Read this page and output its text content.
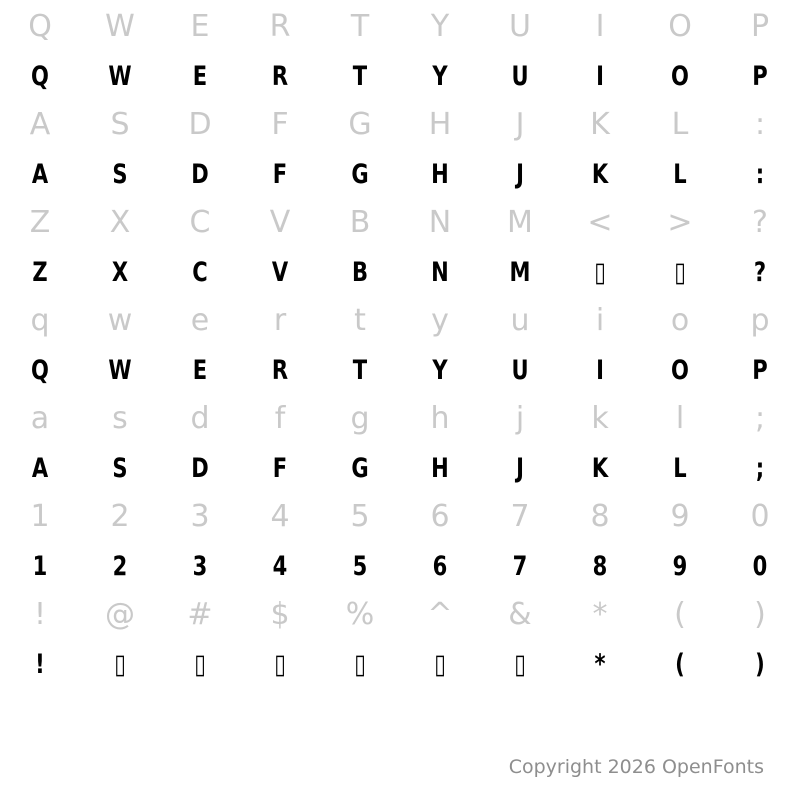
Q	W	E	R	T	Y	U	I	O	P
Q	W	E	R	T	Y	U	I	O	P
A	S	D	F	G	H	J	K	L	:
A	S	D	F	G	H	J	K	L	:
Z	X	C	V	B	N	M	<	>	?
Z	X	C	V	B	N	M	▯	▯	?
q	w	e	r	t	y	u	i	o	p
Q	W	E	R	T	Y	U	I	O	P
a	s	d	f	g	h	j	k	l	;
A	S	D	F	G	H	J	K	L	;
1	2	3	4	5	6	7	8	9	0
1	2	3	4	5	6	7	8	9	0
!	@	#	$	%	^	&	*	(	)
!	▯	▯	▯	▯	▯	▯	*	(	)
Copyright 2026 OpenFonts
